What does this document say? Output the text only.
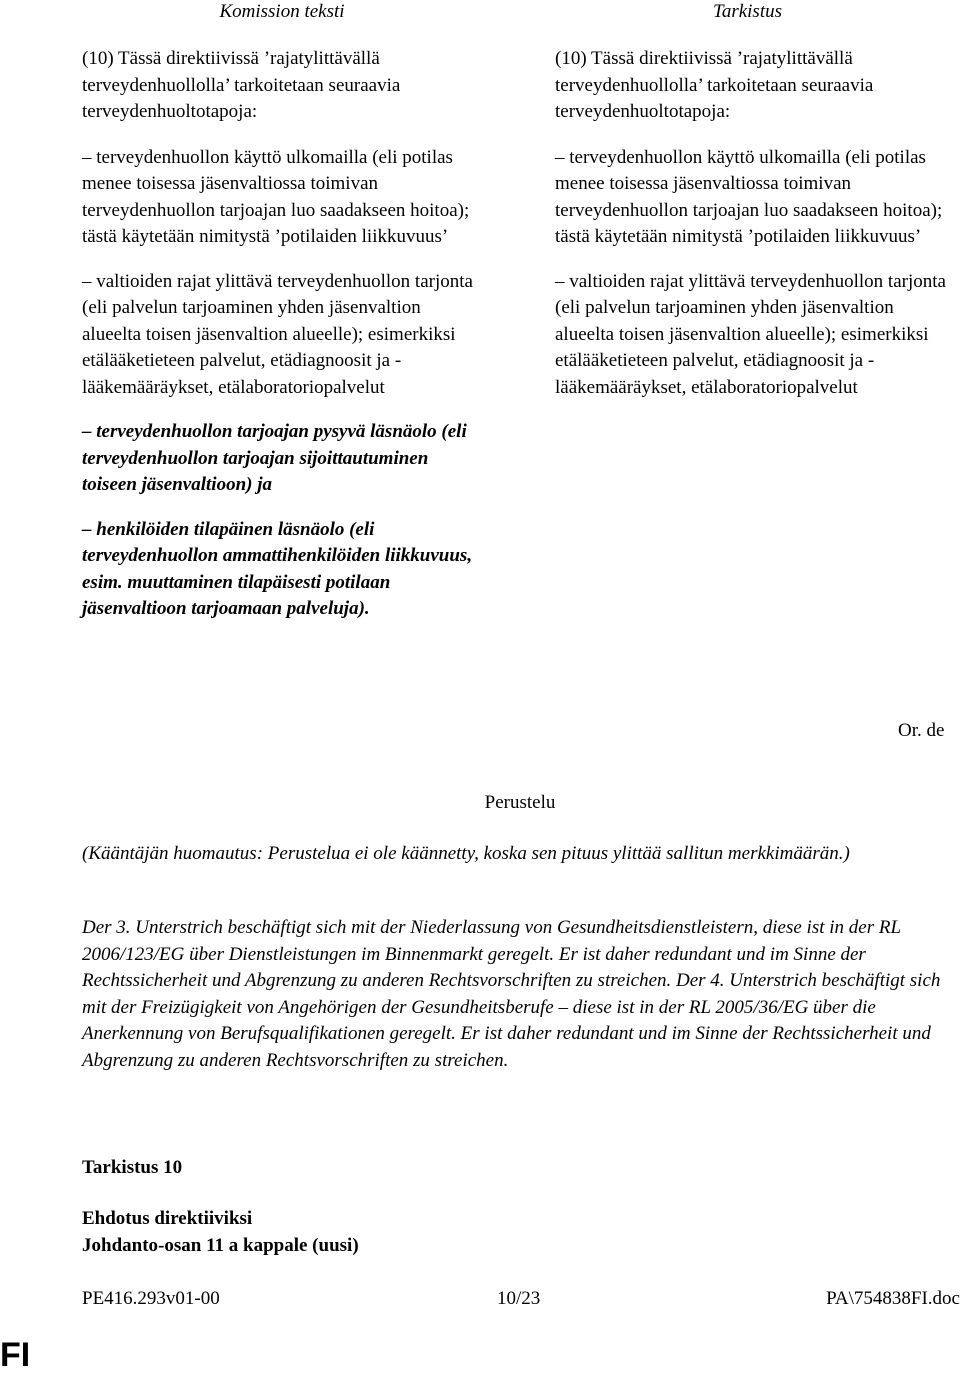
Komission teksti	Tarkistus

(10) Tässä direktiivissä ’rajatylittävällä terveydenhuollolla’ tarkoitetaan seuraavia terveydenhuoltotapoja:

– terveydenhuollon käyttö ulkomailla (eli potilas menee toisessa jäsenvaltiossa toimivan terveydenhuollon tarjoajan luo saadakseen hoitoa); tästä käytetään nimitystä ’potilaiden liikkuvuus’

– valtioiden rajat ylittävä terveydenhuollon tarjonta (eli palvelun tarjoaminen yhden jäsenvaltion alueelta toisen jäsenvaltion alueelle); esimerkiksi etälääketieteen palvelut, etädiagnoosit ja -lääkemääräykset, etälaboratoriopalvelut

– terveydenhuollon tarjoajan pysyvä läsnäolo (eli terveydenhuollon tarjoajan sijoittautuminen toiseen jäsenvaltioon) ja

– henkilöiden tilapäinen läsnäolo (eli terveydenhuollon ammattihenkilöiden liikkuvuus, esim. muuttaminen tilapäisesti potilaan jäsenvaltioon tarjoamaan palveluja).

(10) Tässä direktiivissä ’rajatylittävällä terveydenhuollolla’ tarkoitetaan seuraavia terveydenhuoltotapoja:

– terveydenhuollon käyttö ulkomailla (eli potilas menee toisessa jäsenvaltiossa toimivan terveydenhuollon tarjoajan luo saadakseen hoitoa); tästä käytetään nimitystä ’potilaiden liikkuvuus’

– valtioiden rajat ylittävä terveydenhuollon tarjonta (eli palvelun tarjoaminen yhden jäsenvaltion alueelta toisen jäsenvaltion alueelle); esimerkiksi etälääketieteen palvelut, etädiagnoosit ja -lääkemääräykset, etälaboratoriopalvelut

Or. de
Perustelu
(Kääntäjän huomautus: Perustelua ei ole käännetty, koska sen pituus ylittää sallitun merkkimäärän.)
Der 3. Unterstrich beschäftigt sich mit der Niederlassung von Gesundheitsdienstleistern, diese ist in der RL 2006/123/EG über Dienstleistungen im Binnenmarkt geregelt. Er ist daher redundant und im Sinne der Rechtssicherheit und Abgrenzung zu anderen Rechtsvorschriften zu streichen. Der 4. Unterstrich beschäftigt sich mit der Freizügigkeit von Angehörigen der Gesundheitsberufe – diese ist in der RL 2005/36/EG über die Anerkennung von Berufsqualifikationen geregelt. Er ist daher redundant und im Sinne der Rechtssicherheit und Abgrenzung zu anderen Rechtsvorschriften zu streichen.
Tarkistus 10
Ehdotus direktiiviksi
Johdanto-osan 11 a kappale (uusi)
PE416.293v01-00	10/23	PA\754838FI.doc
FI
